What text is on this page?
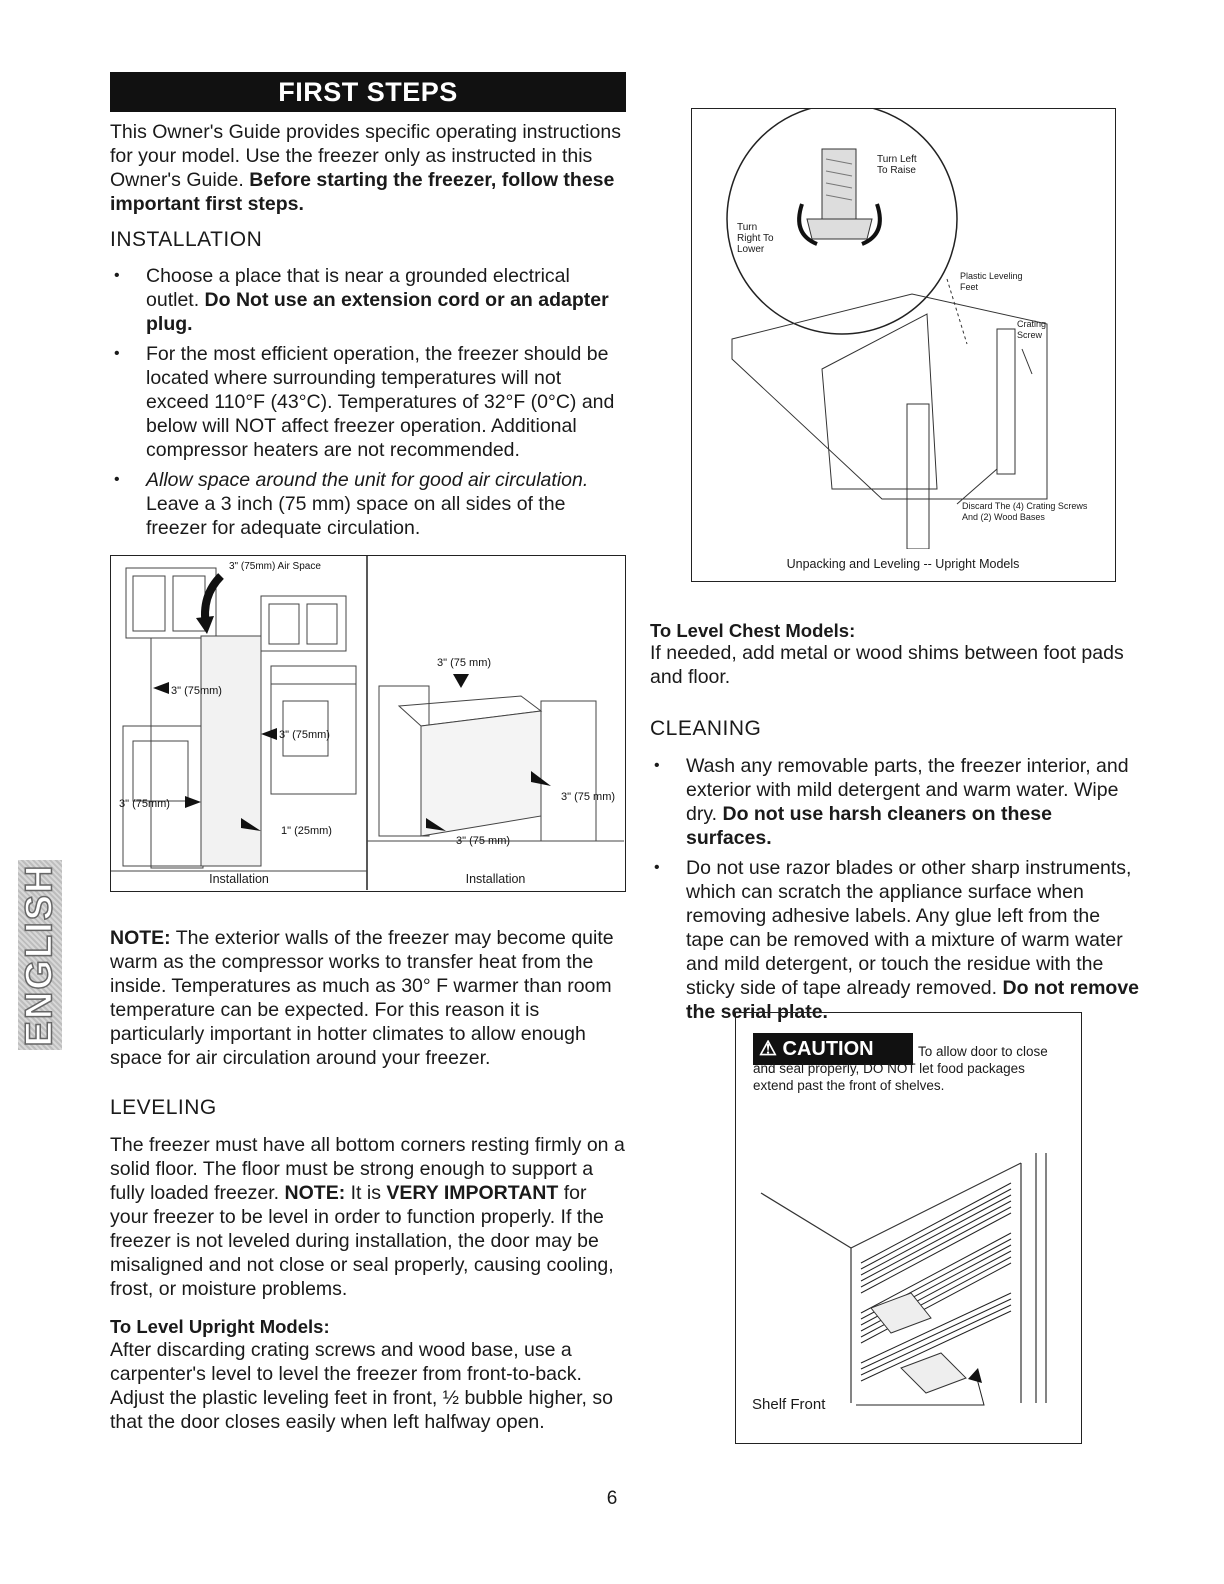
FIRST STEPS
This Owner's Guide provides specific operating instructions for your model. Use the freezer only as instructed in this Owner's Guide. Before starting the freezer, follow these important first steps.
INSTALLATION
• Choose a place that is near a grounded electrical outlet. Do Not use an extension cord or an adapter plug.
• For the most efficient operation, the freezer should be located where surrounding temperatures will not exceed 110°F (43°C). Temperatures of 32°F (0°C) and below will NOT affect freezer operation. Additional compressor heaters are not recommended.
• Allow space around the unit for good air circulation. Leave a 3 inch (75 mm) space on all sides of the freezer for adequate circulation.
3" (75mm) Air Space
3" (75mm)
3" (75mm)
3" (75mm)
1" (25mm)
3" (75 mm)
3" (75 mm)
3" (75 mm)
Installation	Installation
NOTE: The exterior walls of the freezer may become quite warm as the compressor works to transfer heat from the inside. Temperatures as much as 30° F warmer than room temperature can be expected. For this reason it is particularly important in hotter climates to allow enough space for air circulation around your freezer.
LEVELING
The freezer must have all bottom corners resting firmly on a solid floor. The floor must be strong enough to support a fully loaded freezer. NOTE: It is VERY IMPORTANT for your freezer to be level in order to function properly. If the freezer is not leveled during installation, the door may be misaligned and not close or seal properly, causing cooling, frost, or moisture problems.
To Level Upright Models:
After discarding crating screws and wood base, use a carpenter's level to level the freezer from front-to-back. Adjust the plastic leveling feet in front, ½ bubble higher, so that the door closes easily when left halfway open.
Turn Left To Raise
Turn Right To Lower
Plastic Leveling Feet
Crating Screw
Discard The (4) Crating Screws And (2) Wood Bases
Unpacking and Leveling -- Upright Models
To Level Chest Models:
If needed, add metal or wood shims between foot pads and floor.
CLEANING
• Wash any removable parts, the freezer interior, and exterior with mild detergent and warm water. Wipe dry. Do not use harsh cleaners on these surfaces.
• Do not use razor blades or other sharp instruments, which can scratch the appliance surface when removing adhesive labels. Any glue left from the tape can be removed with a mixture of warm water and mild detergent, or touch the residue with the sticky side of tape already removed. Do not remove the serial plate.
⚠ CAUTION	To allow door to close and seal properly, DO NOT let food packages extend past the front of shelves.
Shelf Front
ENGLISH
6
